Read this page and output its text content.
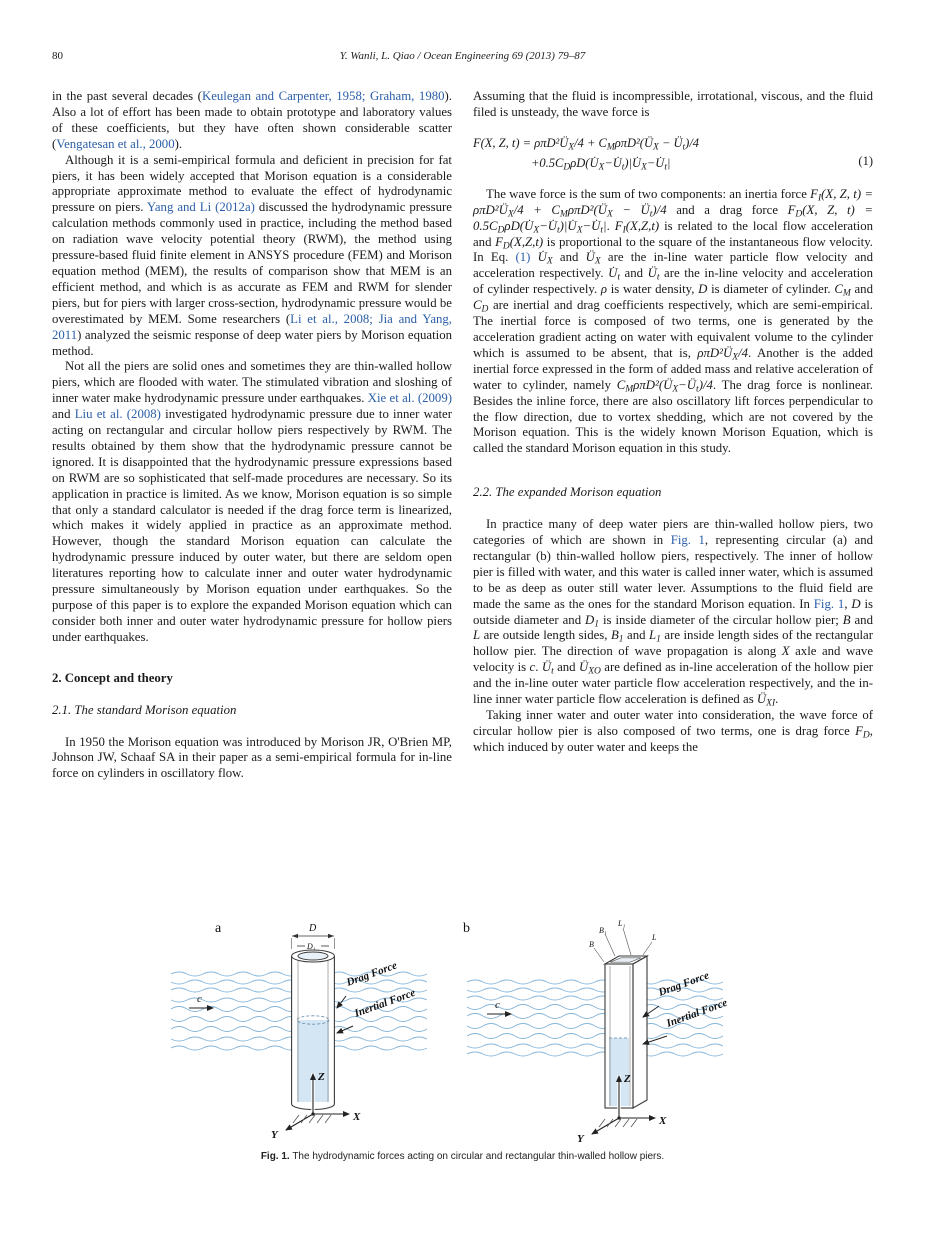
80	Y. Wanli, L. Qiao / Ocean Engineering 69 (2013) 79–87

in the past several decades (Keulegan and Carpenter, 1958; Graham, 1980). Also a lot of effort has been made to obtain prototype and laboratory values of these coefficients, but they have often shown considerable scatter (Vengatesan et al., 2000).

Although it is a semi-empirical formula and deficient in precision for fat piers, it has been widely accepted that Morison equation is a considerable appropriate approximate method to evaluate the effect of hydrodynamic pressure on piers. Yang and Li (2012a) discussed the hydrodynamic pressure calculation methods commonly used in practice, including the method based on radiation wave velocity potential theory (RWM), the method using pressure-based fluid finite element in ANSYS procedure (FEM) and Morison equation method (MEM), the results of comparison show that MEM is an efficient method, and which is as accurate as FEM and RWM for slender piers, but for piers with larger cross-section, hydrodynamic pressure would be overestimated by MEM. Some researchers (Li et al., 2008; Jia and Yang, 2011) analyzed the seismic response of deep water piers by Morison equation method.

Not all the piers are solid ones and sometimes they are thin-walled hollow piers, which are flooded with water. The stimulated vibration and sloshing of inner water make hydrodynamic pressure under earthquakes. Xie et al. (2009) and Liu et al. (2008) investigated hydrodynamic pressure due to inner water acting on rectangular and circular hollow piers respectively by RWM. The results obtained by them show that the hydrodynamic pressure cannot be ignored. It is disappointed that the hydrodynamic pressure expressions based on RWM are so sophisticated that self-made procedures are necessary. So its application in practice is limited. As we know, Morison equation is so simple that only a standard calculator is needed if the drag force term is linearized, which makes it widely applied in practice as an approximate method. However, though the standard Morison equation can calculate the hydrodynamic pressure induced by outer water, but there are seldom open literatures reporting how to calculate inner and outer water hydrodynamic pressure simultaneously by Morison equation under earthquakes. So the purpose of this paper is to explore the expanded Morison equation which can consider both inner and outer water hydrodynamic pressure for hollow piers under earthquakes.

2. Concept and theory
2.1. The standard Morison equation

In 1950 the Morison equation was introduced by Morison JR, O'Brien MP, Johnson JW, Schaaf SA in their paper as a semi-empirical formula for in-line force on cylinders in oscillatory flow.

Assuming that the fluid is incompressible, irrotational, viscous, and the fluid filed is unsteady, the wave force is

F(X, Z, $t) = \rho\pi D^2Ü_X/4$ + $C_M\rho\pi D^2(Ü_X$ − $Ü_t)/4$
$+0.5C_D\rho D(U̇_X-U̇_t)|U̇_X-U̇_t|$	(1)

The wave force is the sum of two components: an inertia force $F_I(X$, Z, $t) = \rho\pi D^2Ü_X/4$ + $C_M\rho\pi D^2(Ü_X$ − $Ü_t)/4$ and a drag force $F_D(X$, Z, $t) = 0.5C_D\rho D(U̇_X-U̇_t)|U̇_X-U̇_t|$. $F_I(X,Z,t)$ is related to the local flow acceleration and $F_D(X,Z,t)$ is proportional to the square of the instantaneous flow velocity. In Eq. (1) $U̇_X$ and $Ü_X$ are the in-line water particle flow velocity and acceleration respectively. $U̇_t$ and $Ü_t$ are the in-line velocity and acceleration of cylinder respectively. ρ is water density, D is diameter of cylinder. $C_M$ and $C_D$ are inertial and drag coefficients respectively, which are semi-empirical. The inertial force is composed of two terms, one is generated by the acceleration gradient acting on water with equivalent volume to the cylinder which is assumed to be absent, that is, $\rho\pi D^2Ü_X/4$. Another is the added inertial force expressed in the form of added mass and relative acceleration of water to cylinder, namely $C_M\rho\pi D^2(Ü_X-Ü_t)/4$. The drag force is nonlinear. Besides the inline force, there are also oscillatory lift forces perpendicular to the flow direction, due to vortex shedding, which are not covered by the Morison equation. This is the widely known Morison Equation, which is called the standard Morison equation in this study.

2.2. The expanded Morison equation

In practice many of deep water piers are thin-walled hollow piers, two categories of which are shown in Fig. 1, representing circular (a) and rectangular (b) thin-walled hollow piers, respectively. The inner of hollow pier is filled with water, and this water is called inner water, which is assumed to be as deep as outer still water lever. Assumptions to the fluid field are made the same as the ones for the standard Morison equation. In Fig. 1, D is outside diameter and $D_1$ is inside diameter of the circular hollow pier; B and L are outside length sides, $B_1$ and $L_1$ are inside length sides of the rectangular hollow pier. The direction of wave propagation is along X axle and wave velocity is c. $Ü_t$ and $Ü_{XO}$ are defined as in-line acceleration of the hollow pier and the in-line outer water particle flow acceleration respectively, and the in-line inner water particle flow acceleration is defined as $Ü_{XI}$.

Taking inner water and outer water into consideration, the wave force of circular hollow pier is also composed of two terms, one is drag force $F_D$, which induced by outer water and keeps the

a	D
D₁
c
Drag Force
Inertial Force
Z
X
Y
b	B₁
L₁
B
L
c
Drag Force
Inertial Force
Z
X
Y
Fig. 1. The hydrodynamic forces acting on circular and rectangular thin-walled hollow piers.
